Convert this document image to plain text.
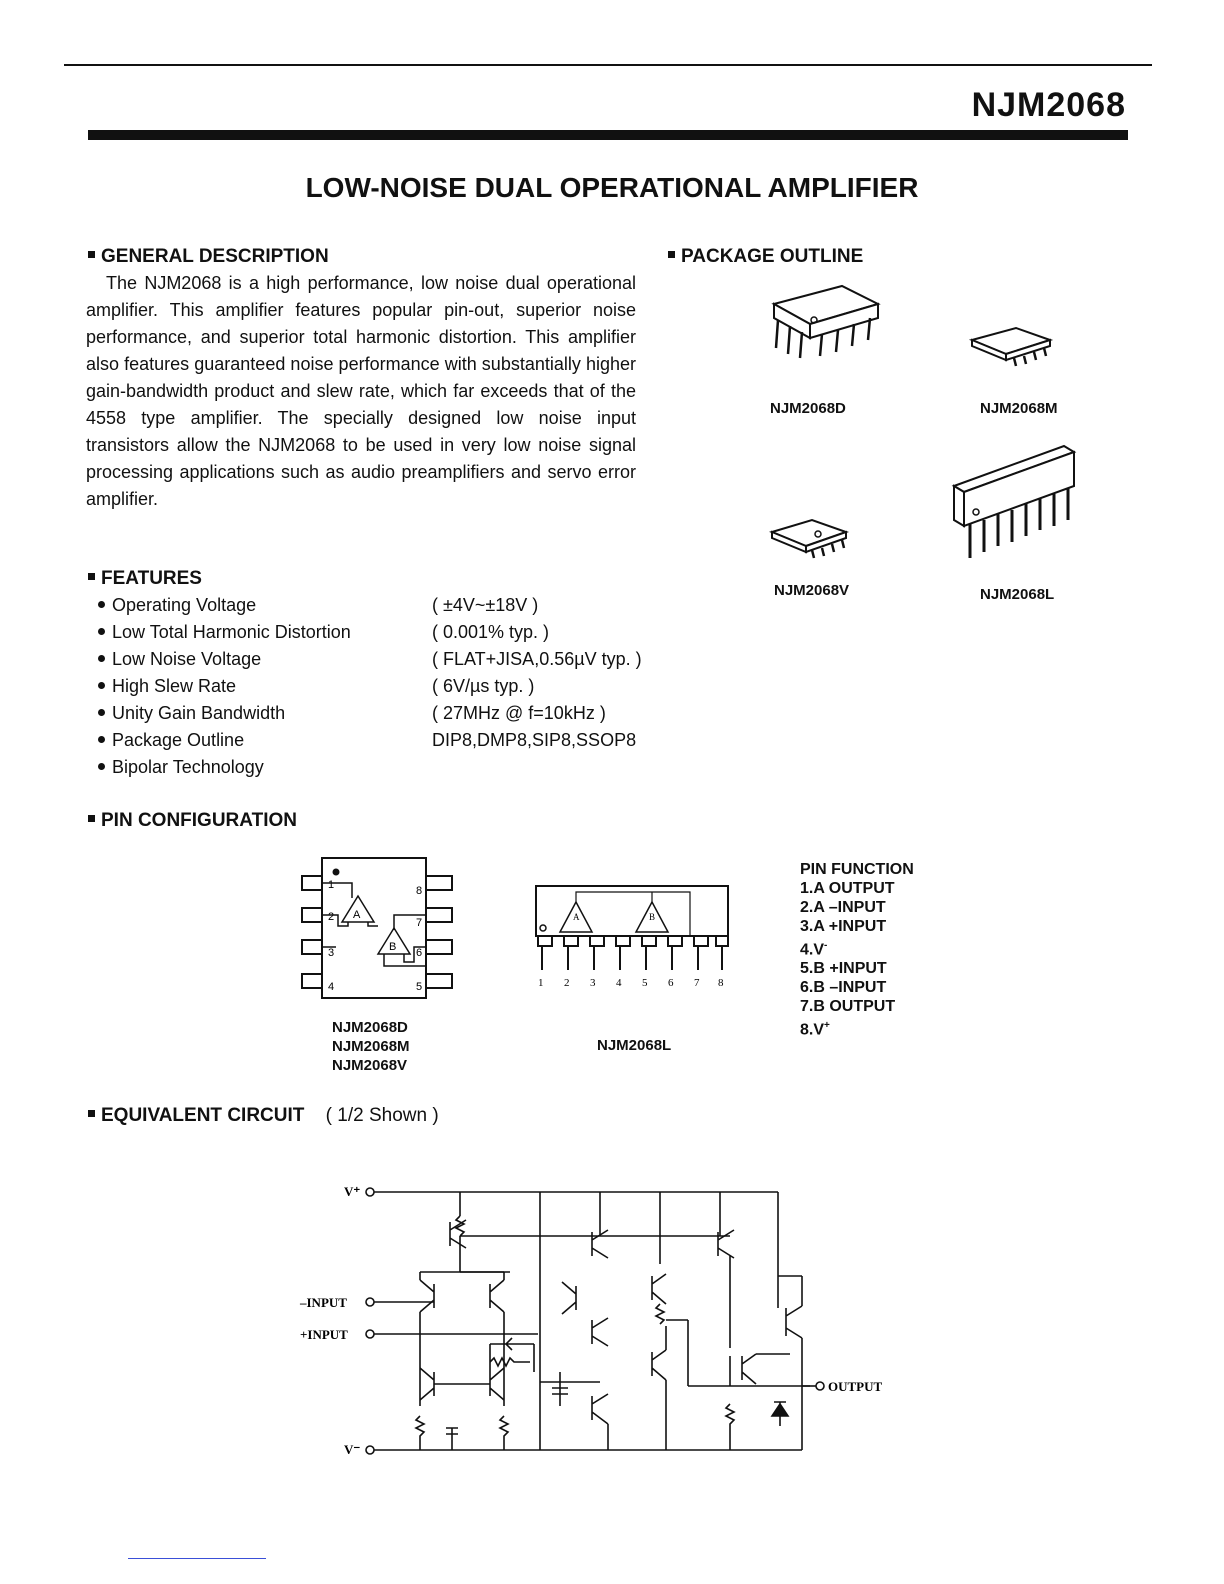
NJM2068
LOW-NOISE DUAL OPERATIONAL AMPLIFIER
GENERAL DESCRIPTION

The NJM2068 is a high performance, low noise dual operational amplifier. This amplifier features popular pin-out, superior noise performance, and superior total harmonic distortion. This amplifier also features guaranteed noise performance with substantially higher gain-bandwidth product and slew rate, which far exceeds that of the 4558 type amplifier. The specially designed low noise input transistors allow the NJM2068 to be used in very low noise signal processing applications such as audio preamplifiers and servo error amplifier.

PACKAGE OUTLINE
NJM2068D	NJM2068M
NJM2068V	NJM2068L
FEATURES
Operating Voltage	( ±4V~±18V )
Low Total Harmonic Distortion	( 0.001% typ. )
Low Noise Voltage	( FLAT+JISA,0.56µV typ. )
High Slew Rate	( 6V/µs typ. )
Unity Gain Bandwidth	( 27MHz @ f=10kHz )
Package Outline	DIP8,DMP8,SIP8,SSOP8
Bipolar Technology
PIN CONFIGURATION
1
2
3
4	5
6
7
8
A
B
NJM2068D
NJM2068M
NJM2068V
A	B
1 2 3 4 5 6 7 8
NJM2068L
PIN FUNCTION
1.A OUTPUT
2.A –INPUT
3.A +INPUT
4.V-
5.B +INPUT
6.B –INPUT
7.B OUTPUT
8.V+
EQUIVALENT CIRCUIT ( 1/2 Shown )
V⁺
–INPUT
+INPUT
OUTPUT
V⁻
